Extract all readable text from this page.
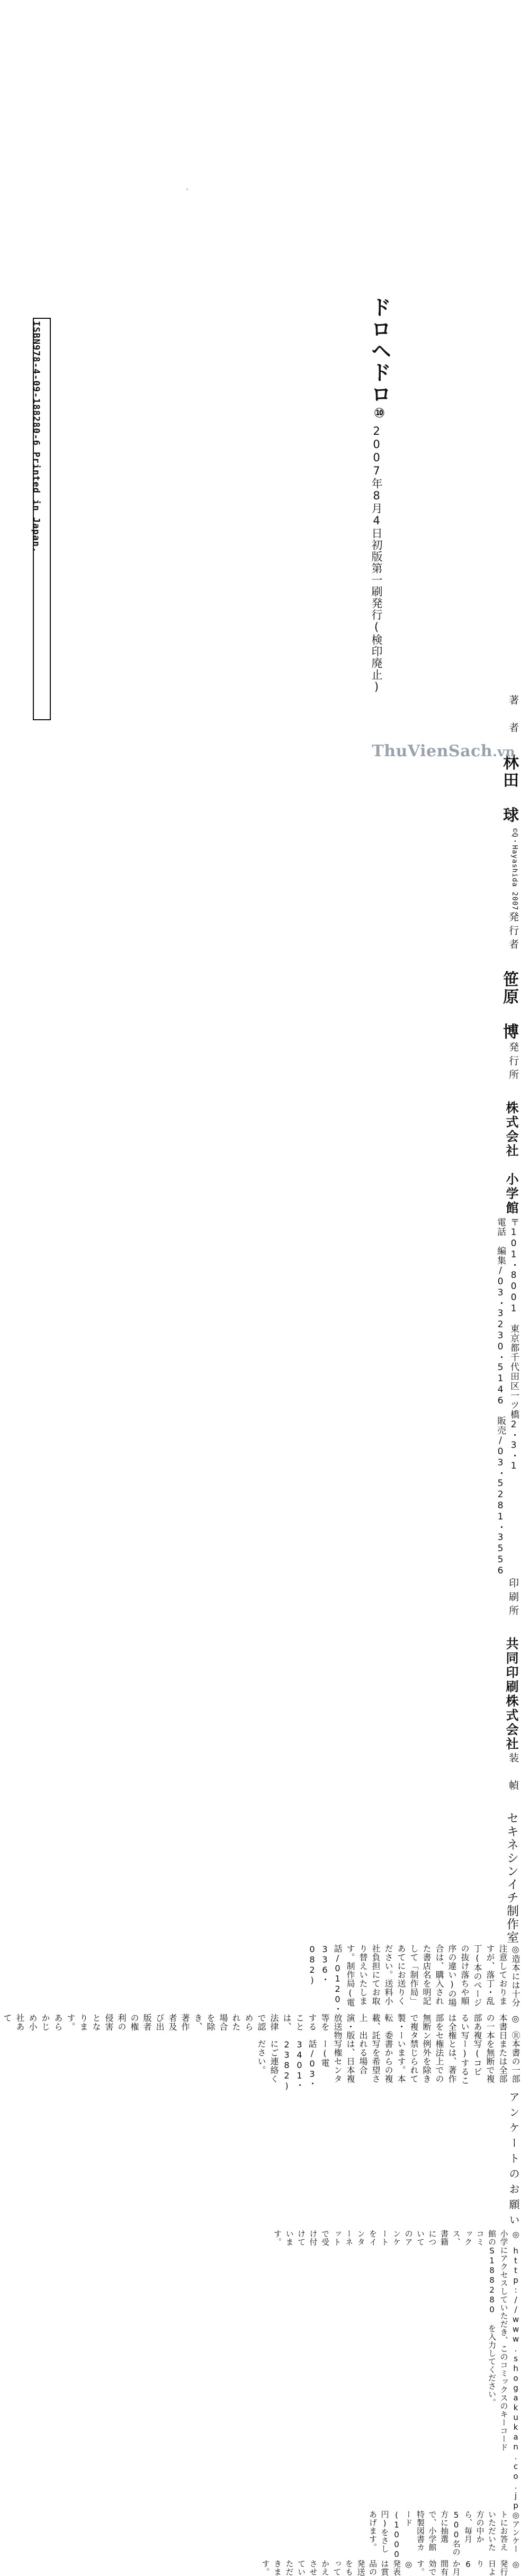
ドロヘドロ⑩
2007年8月4日初版第一刷発行(検印廃止)
著　者
林田　球
©Q・Hayashida 2007
発行者
笹原　博
発行所
株式会社　小学館
〒101・8001　東京都千代田区一ツ橋2・3・1
電話　編集/03・3230・5146　販売/03・5281・3556
印刷所
共同印刷株式会社
装　幀
セキネシンイチ制作室
◎造本には十分注意しておりますが、落丁・乱丁(本のページの抜け落ちや順序の違い)の場合は、購入された書店名を明記して「制作局」あてにお送りください。送料小社負担にてお取り替えいたします。制作局(電話/0120・336・082)
◎本書の一部あるいは全部を無断で複製・転載、上演・放送等をすることは、法律で認められた場合を除き、著作者及び出版者の権利の侵害となります。あらかじめ小社あて
Ⓡ日本複写権センター委託出版物
本書の一部または全部を無断で複写(コピー)することは、著作権法上での例外を除き禁じられています。本書からの複写を希望される場合は、日本複写権センター(電話/03・3401・2382)にご連絡ください。
アンケートのお願い
◎小学館のコミックス、書籍についてのアンケートをインターネットで受け付けています。
http://www.shogakukan.co.jp にアクセスしていただき、このコミックスのキーコード S188280 を入力してください。
◎アンケートにお答えいただいた方の中から、毎月500名の方に抽選で、小学館特製図書カード(1000円)をさしあげます。
◎発行日より6か月間有効です。◎発表は賞品の発送をもってかえさせていただきます。
ISBN978-4-09-188280-6 Printed in Japan.
ThuVienSach.vn
